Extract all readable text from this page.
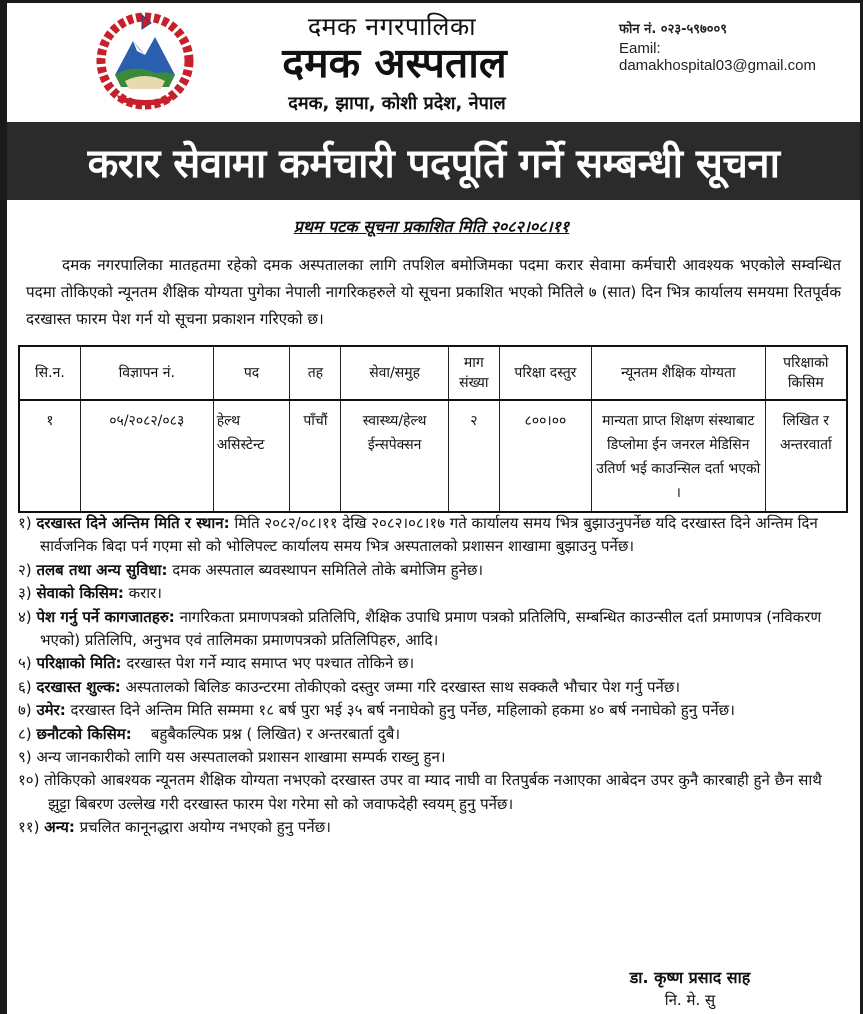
दमक नगरपालिका
दमक अस्पताल
दमक, झापा, कोशी प्रदेश, नेपाल
फोन नं. ०२३-५९७००९
Eamil: damakhospital03@gmail.com
करार सेवामा कर्मचारी पदपूर्ति गर्ने सम्बन्धी सूचना
प्रथम पटक सूचना प्रकाशित मिति २०८२।०८।११
दमक नगरपालिका मातहतमा रहेको दमक अस्पतालका लागि तपशिल बमोजिमका पदमा करार सेवामा कर्मचारी आवश्यक भएकोले सम्वन्धित पदमा तोकिएको न्यूनतम शैक्षिक योग्यता पुगेका नेपाली नागरिकहरुले यो सूचना प्रकाशित भएको मितिले ७ (सात) दिन भित्र कार्यालय समयमा रितपूर्वक दरखास्त फारम पेश गर्न यो सूचना प्रकाशन गरिएको छ।
सि.न.	विज्ञापन नं.	पद	तह	सेवा/समुह	माग संख्या	परिक्षा दस्तुर	न्यूनतम शैक्षिक योग्यता	परिक्षाको किसिम
१	०५/२०८२/०८३	हेल्थ असिस्टेन्ट	पाँचौं	स्वास्थ्य/हेल्थ ईन्सपेक्सन	२	८००।००	मान्यता प्राप्त शिक्षण संस्थाबाट डिप्लोमा ईन जनरल मेडिसिन उतिर्ण भई काउन्सिल दर्ता भएको ।	लिखित र अन्तरवार्ता

१) दरखास्त दिने अन्तिम मिति र स्थान: मिति २०८२/०८।११ देखि २०८२।०८।१७ गते कार्यालय समय भित्र बुझाउनुपर्नेछ यदि दरखास्त दिने अन्तिम दिन सार्वजनिक बिदा पर्न गएमा सो को भोलिपल्ट कार्यालय समय भित्र अस्पतालको प्रशासन शाखामा बुझाउनु पर्नेछ।

२) तलब तथा अन्य सुविधा: दमक अस्पताल ब्यवस्थापन समितिले तोके बमोजिम हुनेछ।

३) सेवाको किसिम: करार।

४) पेश गर्नु पर्ने कागजातहरु: नागरिकता प्रमाणपत्रको प्रतिलिपि, शैक्षिक उपाधि प्रमाण पत्रको प्रतिलिपि, सम्बन्धित काउन्सील दर्ता प्रमाणपत्र (नविकरण भएको) प्रतिलिपि, अनुभव एवं तालिमका प्रमाणपत्रको प्रतिलिपिहरु, आदि।

५) परिक्षाको मिति: दरखास्त पेश गर्ने म्याद समाप्त भए पश्चात तोकिने छ।

६) दरखास्त शुल्क: अस्पतालको बिलिङ काउन्टरमा तोकीएको दस्तुर जम्मा गरि दरखास्त साथ सक्कलै भौचार पेश गर्नु पर्नेछ।

७) उमेर: दरखास्त दिने अन्तिम मिति सम्ममा १८ बर्ष पुरा भई ३५ बर्ष ननाघेको हुनु पर्नेछ, महिलाको हकमा ४० बर्ष ननाघेको हुनु पर्नेछ।

८) छनौटको किसिम:    बहुबैकल्पिक प्रश्न ( लिखित) र अन्तरबार्ता दुबै।

९) अन्य जानकारीको लागि यस अस्पतालको प्रशासन शाखामा सम्पर्क राख्नु हुन।

१०) तोकिएको आबश्यक न्यूनतम शैक्षिक योग्यता नभएको दरखास्त उपर वा म्याद नाघी वा रितपुर्बक नआएका आबेदन उपर कुनै कारबाही हुने छैन साथै झुट्टा बिबरण उल्लेख गरी दरखास्त फारम पेश गरेमा सो को जवाफदेही स्वयम् हुनु पर्नेछ।

११) अन्य: प्रचलित कानूनद्धारा अयोग्य नभएको हुनु पर्नेछ।

डा. कृष्ण प्रसाद साह
नि. मे. सु
